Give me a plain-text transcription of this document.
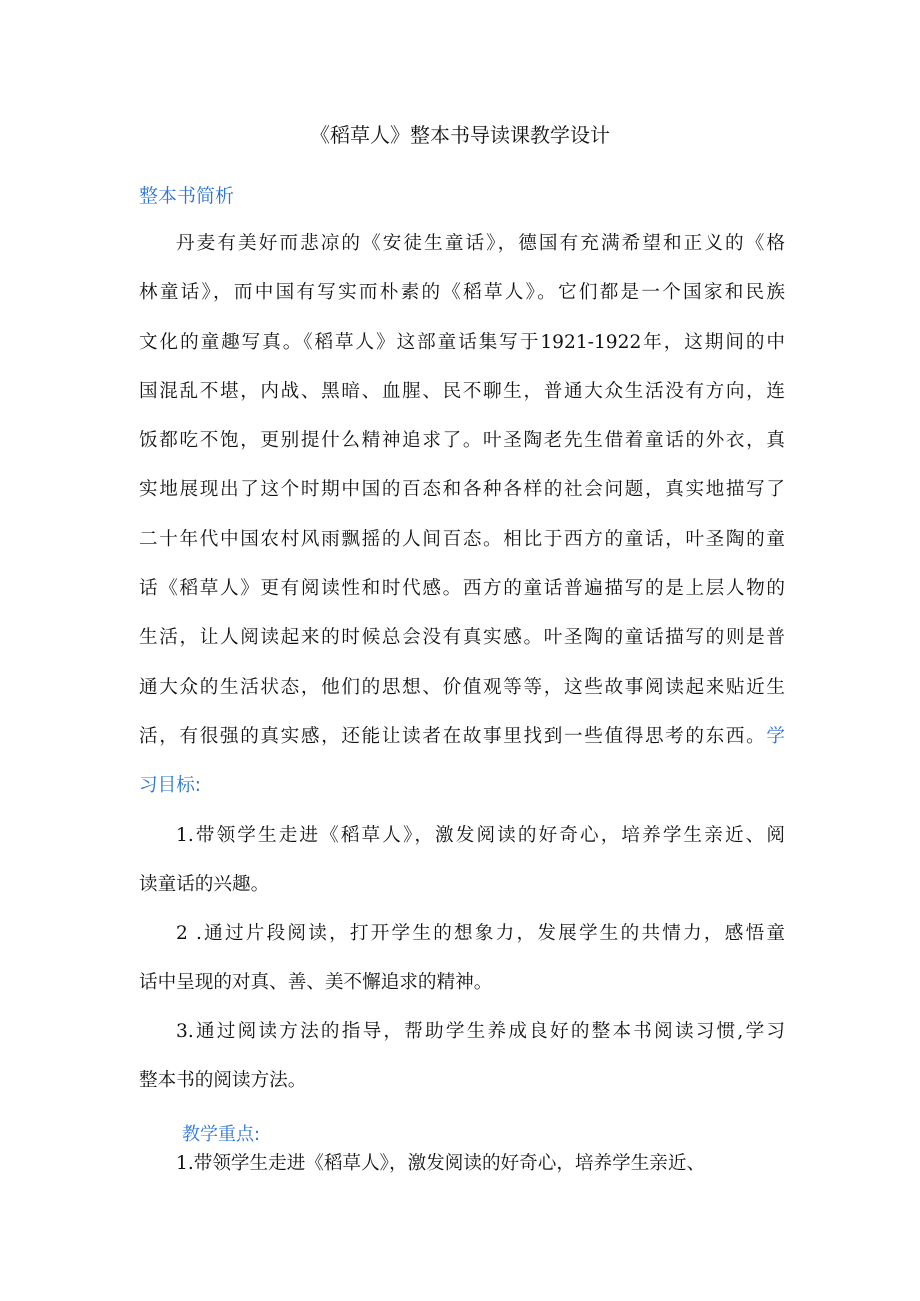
《稻草人》整本书导读课教学设计
整本书简析
丹麦有美好而悲凉的《安徒生童话》，德国有充满希望和正义的《格
林童话》，而中国有写实而朴素的《稻草人》。它们都是一个国家和民族
文化的童趣写真。《稻草人》这部童话集写于1921-1922年，这期间的中
国混乱不堪，内战、黑暗、血腥、民不聊生，普通大众生活没有方向，连
饭都吃不饱，更别提什么精神追求了。叶圣陶老先生借着童话的外衣，真
实地展现出了这个时期中国的百态和各种各样的社会问题，真实地描写了
二十年代中国农村风雨飘摇的人间百态。相比于西方的童话，叶圣陶的童
话《稻草人》更有阅读性和时代感。西方的童话普遍描写的是上层人物的
生活，让人阅读起来的时候总会没有真实感。叶圣陶的童话描写的则是普
通大众的生活状态，他们的思想、价值观等等，这些故事阅读起来贴近生
活，有很强的真实感，还能让读者在故事里找到一些值得思考的东西。学
习目标:
1.带领学生走进《稻草人》，激发阅读的好奇心，培养学生亲近、阅
读童话的兴趣。
2 .通过片段阅读，打开学生的想象力，发展学生的共情力，感悟童
话中呈现的对真、善、美不懈追求的精神。
3.通过阅读方法的指导，帮助学生养成良好的整本书阅读习惯,学习
整本书的阅读方法。
教学重点:
1.带领学生走进《稻草人》，激发阅读的好奇心，培养学生亲近、
